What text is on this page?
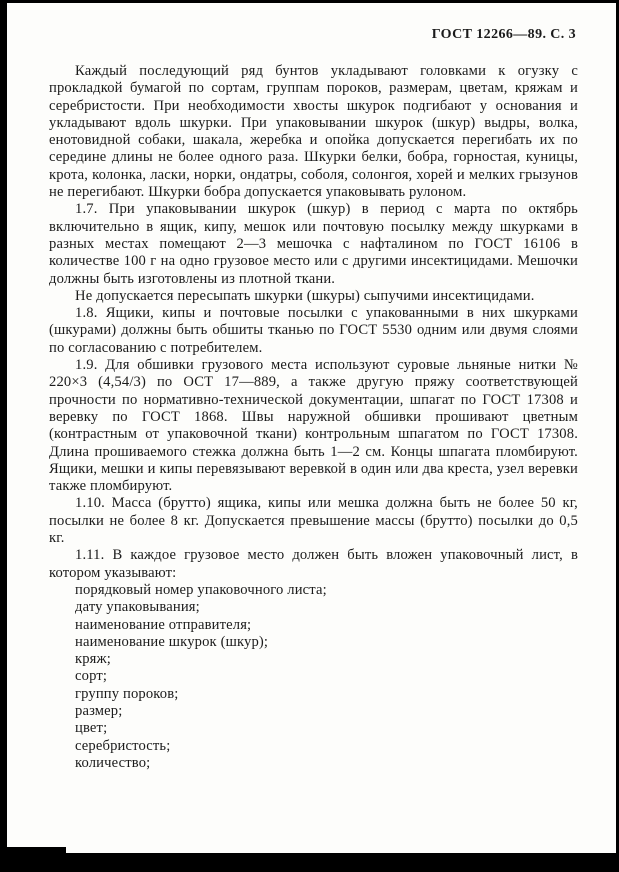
ГОСТ 12266—89. С. 3

Каждый последующий ряд бунтов укладывают головками к огузку с прокладкой бумагой по сортам, группам пороков, размерам, цветам, кряжам и серебристости. При необходимости хвосты шкурок подгибают у основания и укладывают вдоль шкурки. При упаковывании шкурок (шкур) выдры, волка, енотовидной собаки, шакала, жеребка и опойка допускается перегибать их по середине длины не более одного раза. Шкурки белки, бобра, горностая, куницы, крота, колонка, ласки, норки, ондатры, соболя, солонгоя, хорей и мелких грызунов не перегибают. Шкурки бобра допускается упаковывать рулоном.

1.7. При упаковывании шкурок (шкур) в период с марта по октябрь включительно в ящик, кипу, мешок или почтовую посылку между шкурками в разных местах помещают 2—3 мешочка с нафталином по ГОСТ 16106 в количестве 100 г на одно грузовое место или с другими инсектицидами. Мешочки должны быть изготовлены из плотной ткани.

Не допускается пересыпать шкурки (шкуры) сыпучими инсектицидами.

1.8. Ящики, кипы и почтовые посылки с упакованными в них шкурками (шкурами) должны быть обшиты тканью по ГОСТ 5530 одним или двумя слоями по согласованию с потребителем.

1.9. Для обшивки грузового места используют суровые льняные нитки № 220×3 (4,54/3) по ОСТ 17—889, а также другую пряжу соответствующей прочности по нормативно-технической документации, шпагат по ГОСТ 17308 и веревку по ГОСТ 1868. Швы наружной обшивки прошивают цветным (контрастным от упаковочной ткани) контрольным шпагатом по ГОСТ 17308. Длина прошиваемого стежка должна быть 1—2 см. Концы шпагата пломбируют. Ящики, мешки и кипы перевязывают веревкой в один или два креста, узел веревки также пломбируют.

1.10. Масса (брутто) ящика, кипы или мешка должна быть не более 50 кг, посылки не более 8 кг. Допускается превышение массы (брутто) посылки до 0,5 кг.

1.11. В каждое грузовое место должен быть вложен упаковочный лист, в котором указывают:

порядковый номер упаковочного листа;
дату упаковывания;
наименование отправителя;
наименование шкурок (шкур);
кряж;
сорт;
группу пороков;
размер;
цвет;
серебристость;
количество;
